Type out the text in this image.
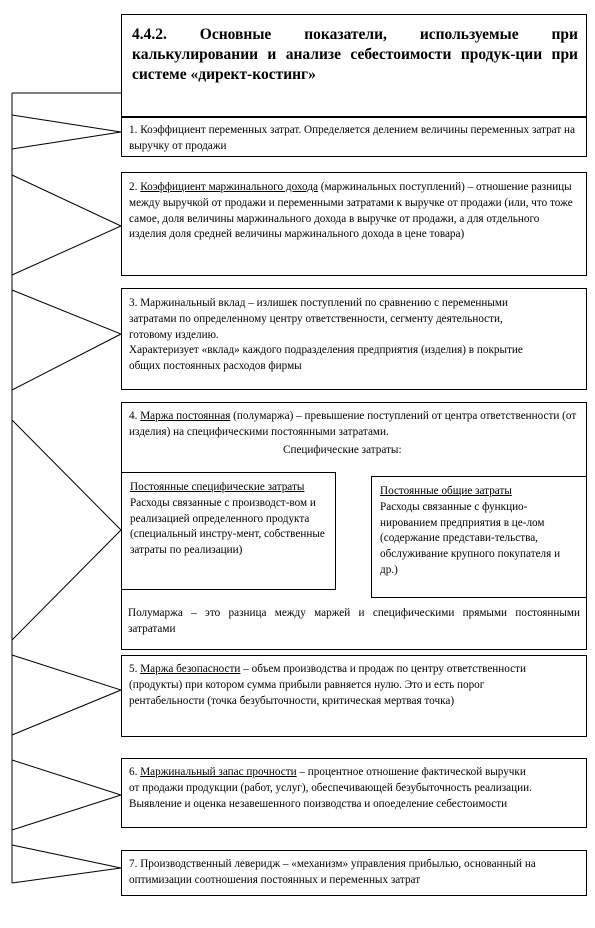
4.4.2. Основные показатели, используемые при калькулировании и анализе себестоимости продук-ции при системе «директ-костинг»
1. Коэффициент переменных затрат. Определяется делением величины переменных затрат на выручку от продажи
2. Коэффициент маржинального дохода (маржинальных поступлений) – отношение разницы между выручкой от продажи и переменными затратами к выручке от продажи (или, что тоже самое, доля величины маржинального дохода в выручке от продажи, а для отдельного изделия доля средней величины маржинального дохода в цене товара)
3. Маржинальный вклад – излишек поступлений по сравнению с переменными затратами по определенному центру ответственности, сегменту деятельности, готовому изделию.
Характеризует «вклад» каждого подразделения предприятия (изделия) в покрытие общих постоянных расходов фирмы
4. Маржа постоянная (полумаржа) – превышение поступлений от центра ответственности (от изделия) на специфическими постоянными затратами.
Специфические затраты:
Постоянные специфические затраты
Расходы связанные с производст-вом и реализацией определенного продукта (специальный инстру-мент, собственные затраты по реализации)
Постоянные общие затраты
Расходы связанные с функцио-нированием предприятия в це-лом (содержание представи-тельства, обслуживание крупного покупателя и др.)
Полумаржа – это разница между маржей и специфическими прямыми постоянными затратами
5. Маржа безопасности – объем производства и продаж по центру ответственности (продукты) при котором сумма прибыли равняется нулю. Это и есть порог рентабельности (точка безубыточности, критическая мертвая точка)
6. Маржинальный запас прочности – процентное отношение фактической выручки от продажи продукции (работ, услуг), обеспечивающей безубыточность реализации. Выявление и оценка незавешенного поизводства и опоеделение себестоимости
7. Производственный леверидж – «механизм» управления прибылью, основанный на оптимизации соотношения постоянных и переменных затрат
